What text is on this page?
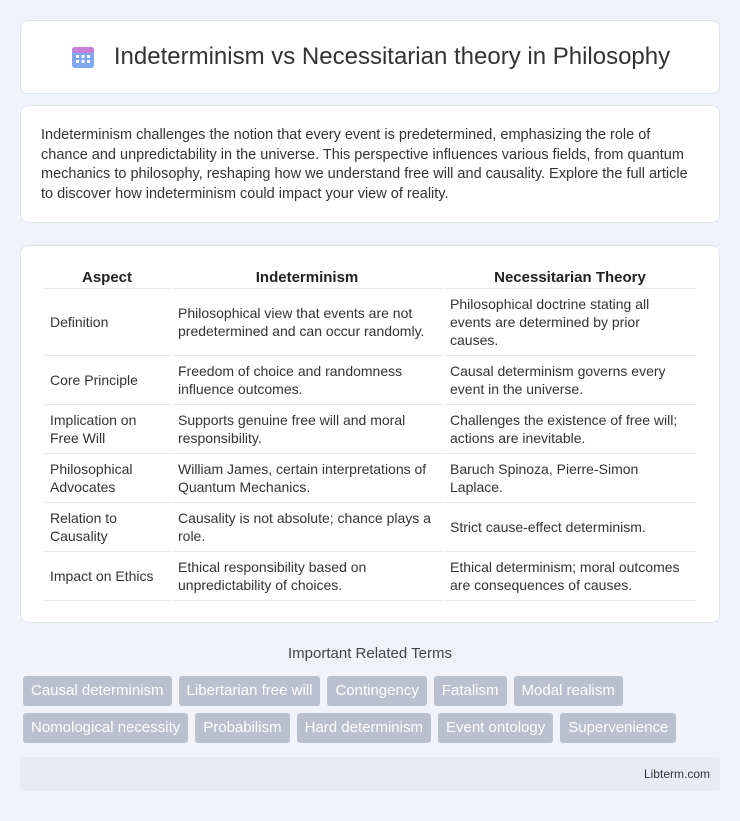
Indeterminism vs Necessitarian theory in Philosophy

Indeterminism challenges the notion that every event is predetermined, emphasizing the role of chance and unpredictability in the universe. This perspective influences various fields, from quantum mechanics to philosophy, reshaping how we understand free will and causality. Explore the full article to discover how indeterminism could impact your view of reality.

Aspect	Indeterminism	Necessitarian Theory
Definition	Philosophical view that events are not predetermined and can occur randomly.	Philosophical doctrine stating all events are determined by prior causes.
Core Principle	Freedom of choice and randomness influence outcomes.	Causal determinism governs every event in the universe.
Implication on Free Will	Supports genuine free will and moral responsibility.	Challenges the existence of free will; actions are inevitable.
Philosophical Advocates	William James, certain interpretations of Quantum Mechanics.	Baruch Spinoza, Pierre-Simon Laplace.
Relation to Causality	Causality is not absolute; chance plays a role.	Strict cause-effect determinism.
Impact on Ethics	Ethical responsibility based on unpredictability of choices.	Ethical determinism; moral outcomes are consequences of causes.
Important Related Terms
Causal determinism	Libertarian free will	Contingency	Fatalism	Modal realism
Nomological necessity	Probabilism	Hard determinism	Event ontology	Supervenience
Libterm.com
